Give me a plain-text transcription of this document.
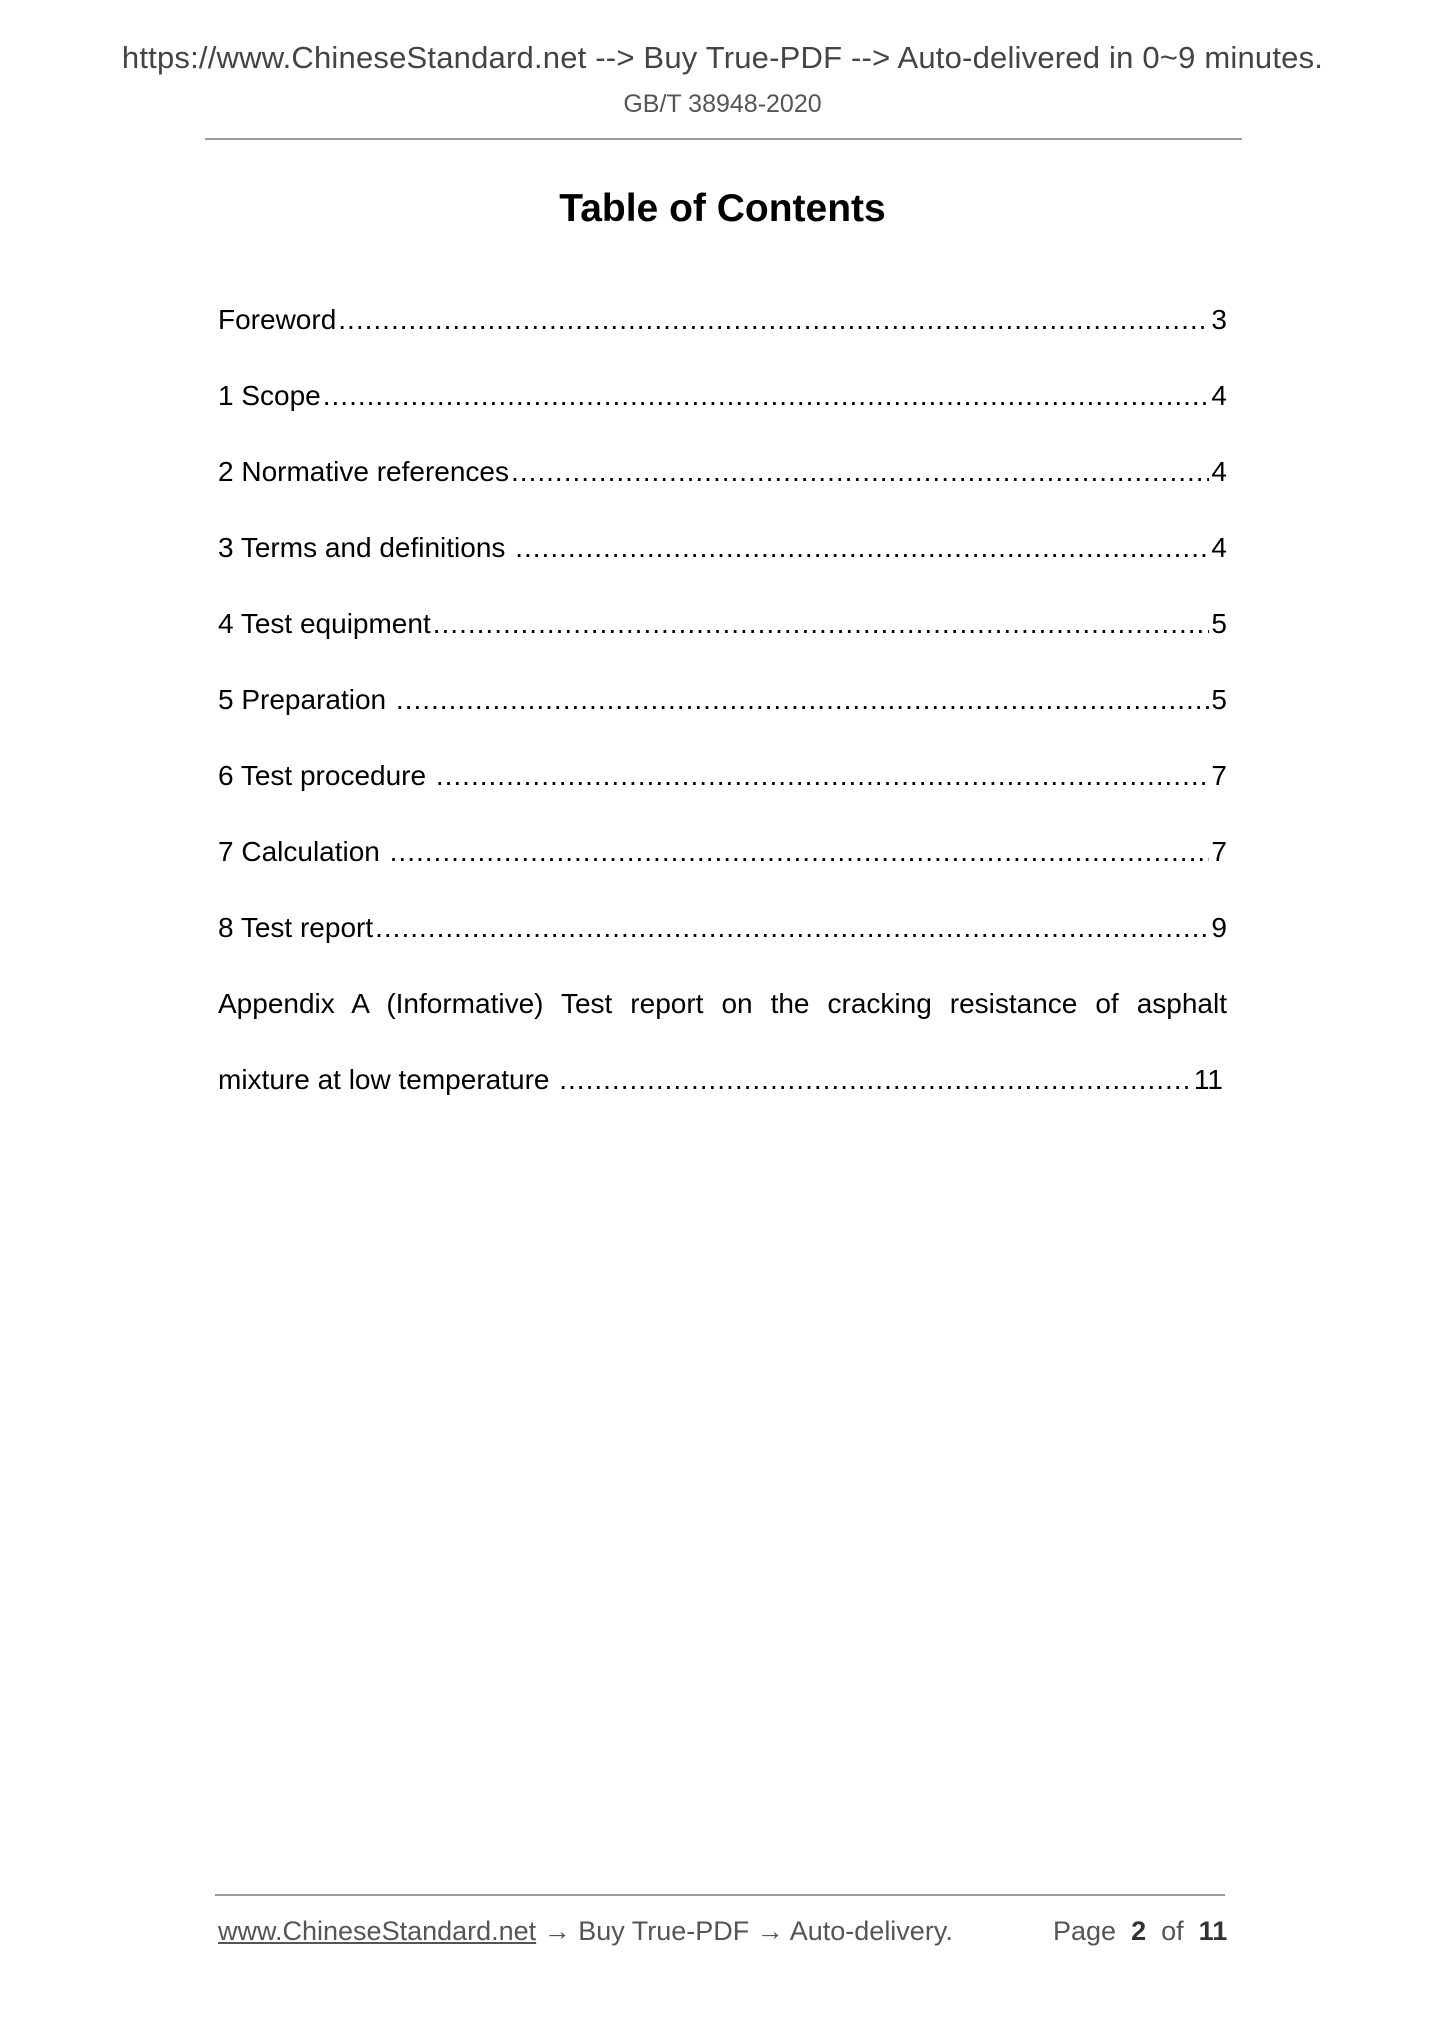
https://www.ChineseStandard.net --> Buy True-PDF --> Auto-delivered in 0~9 minutes.
GB/T 38948-2020
Table of Contents
Foreword .....	3
1 Scope .....	4
2 Normative references .....	4
3 Terms and definitions .....	4
4 Test equipment .....	5
5 Preparation .....	5
6 Test procedure .....	7
7 Calculation .....	7
8 Test report .....	9
Appendix A (Informative) Test report on the cracking resistance of asphalt
mixture at low temperature .....	11
www.ChineseStandard.net → Buy True-PDF → Auto-delivery.	Page 2 of 11
